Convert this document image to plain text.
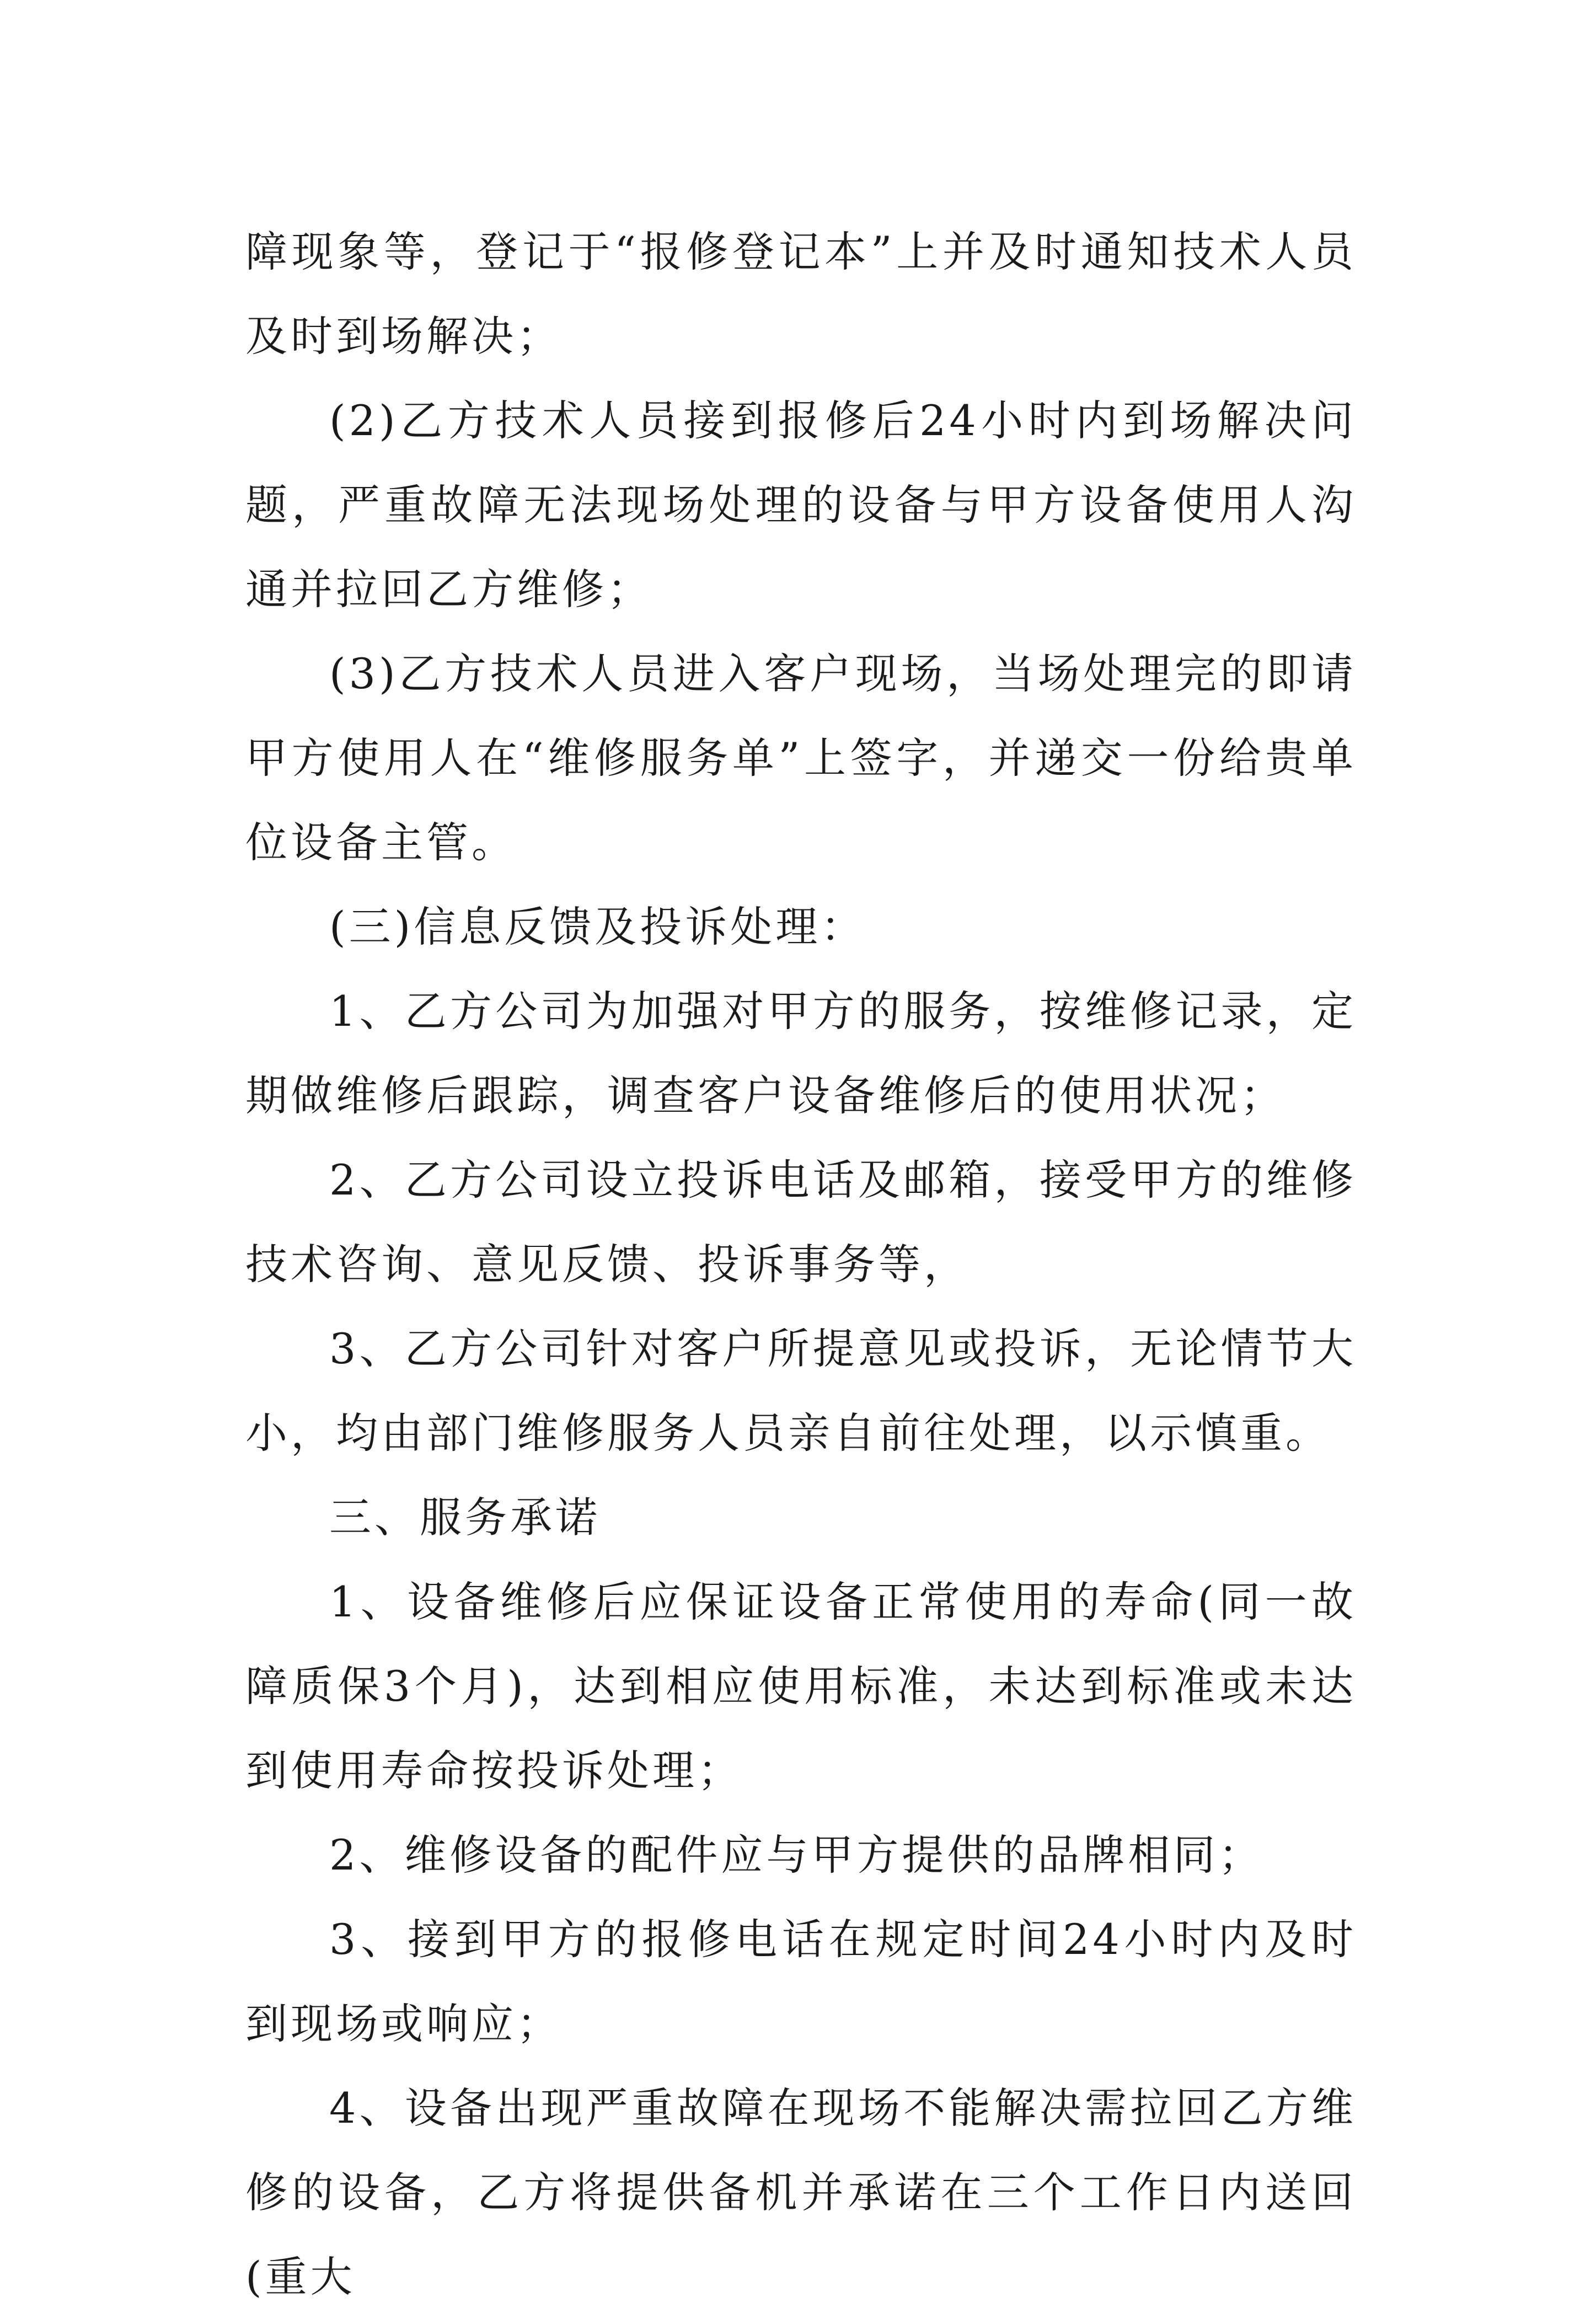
障现象等，登记于“报修登记本”上并及时通知技术人员及时到场解决；

(2)乙方技术人员接到报修后24小时内到场解决问题，严重故障无法现场处理的设备与甲方设备使用人沟通并拉回乙方维修；

(3)乙方技术人员进入客户现场，当场处理完的即请甲方使用人在“维修服务单”上签字，并递交一份给贵单位设备主管。

(三)信息反馈及投诉处理：

1、乙方公司为加强对甲方的服务，按维修记录，定期做维修后跟踪，调查客户设备维修后的使用状况；

2、乙方公司设立投诉电话及邮箱，接受甲方的维修技术咨询、意见反馈、投诉事务等，

3、乙方公司针对客户所提意见或投诉，无论情节大小，均由部门维修服务人员亲自前往处理，以示慎重。

三、服务承诺

1、设备维修后应保证设备正常使用的寿命(同一故障质保3个月)，达到相应使用标准，未达到标准或未达到使用寿命按投诉处理；

2、维修设备的配件应与甲方提供的品牌相同；

3、接到甲方的报修电话在规定时间24小时内及时到现场或响应；

4、设备出现严重故障在现场不能解决需拉回乙方维修的设备，乙方将提供备机并承诺在三个工作日内送回(重大
